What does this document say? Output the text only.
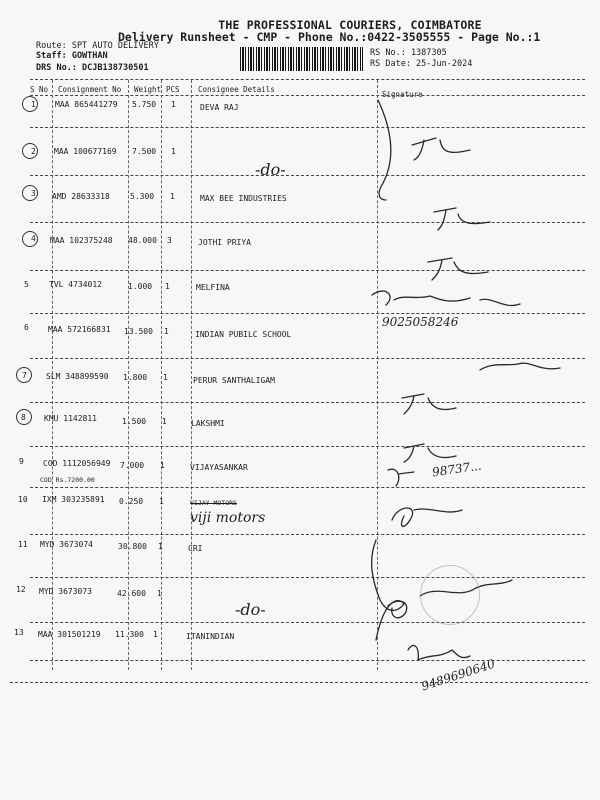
THE PROFESSIONAL COURIERS, COIMBATORE
Delivery Runsheet - CMP - Phone No.:0422-3505555 - Page No.:1
Route: SPT AUTO DELIVERY
Staff: GOWTHAN
DRS No.: DCJB138730501
RS No.: 1387305
RS Date: 25-Jun-2024
S No Consignment No Weight PCS Consignee Details
Signature
1 MAA 865441279 5.750 1	DEVA RAJ
2 MAA 100677169 7.500 1
-do-
3 AMD 28633318	5.300 1	MAX BEE INDUSTRIES
4 MAA 102375248 48.000 3	JOTHI PRIYA
5	TVL 4734012	1.000 1	MELFINA
6 MAA 572166831 13.500 1	INDIAN PUBILC SCHOOL
9025058246
7 SLM 348899590 1.800 1	PERUR SANTHALIGAM
8 KMU 1142811	1.500 1	LAKSHMI
9 COD 1112056949 7.000 1	VIJAYASANKAR
COD Rs.7200.00
98737...
10 IXM 303235891 0.250 1	VIJAY MOTORS
viji motors
11 MYD 3673074	30.800 1	CRI
12 MYD 3673073	42.600 1
-do-
13 MAA 301501219 11.300 1	ITANINDIAN
9489690640
